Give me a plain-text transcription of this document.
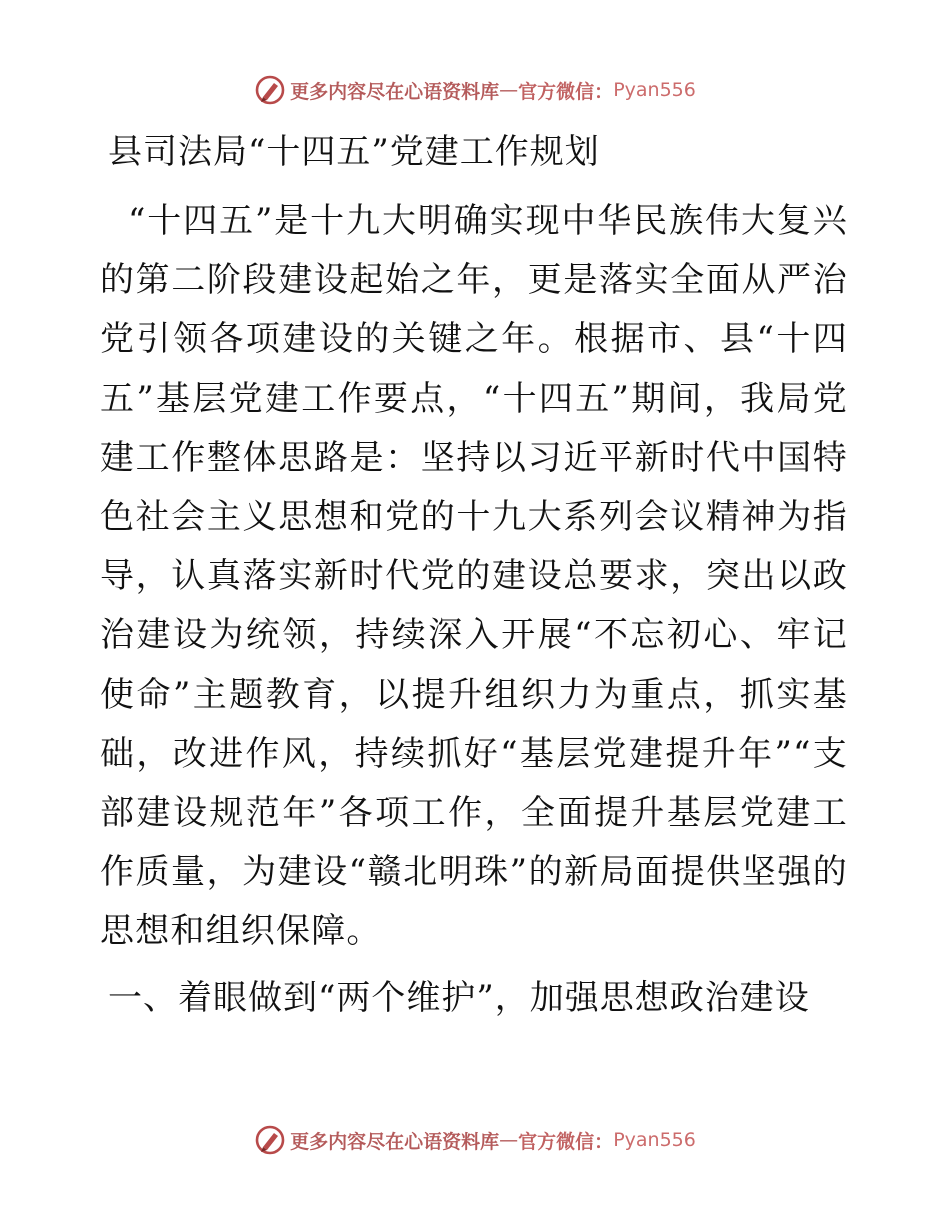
更多内容尽在心语资料库 — 官方微信： Pyan556
县司法局“十四五”党建工作规划
“十四五”是十九大明确实现中华民族伟大复兴的第二阶段建设起始之年，更是落实全面从严治党引领各项建设的关键之年。根据市、县“十四五”基层党建工作要点，“十四五”期间，我局党建工作整体思路是：坚持以习近平新时代中国特色社会主义思想和党的十九大系列会议精神为指导，认真落实新时代党的建设总要求，突出以政治建设为统领，持续深入开展“不忘初心、牢记使命”主题教育，以提升组织力为重点，抓实基础，改进作风，持续抓好“基层党建提升年”“支部建设规范年”各项工作，全面提升基层党建工作质量，为建设“赣北明珠”的新局面提供坚强的思想和组织保障。
一、着眼做到“两个维护”，加强思想政治建设
更多内容尽在心语资料库 — 官方微信： Pyan556
